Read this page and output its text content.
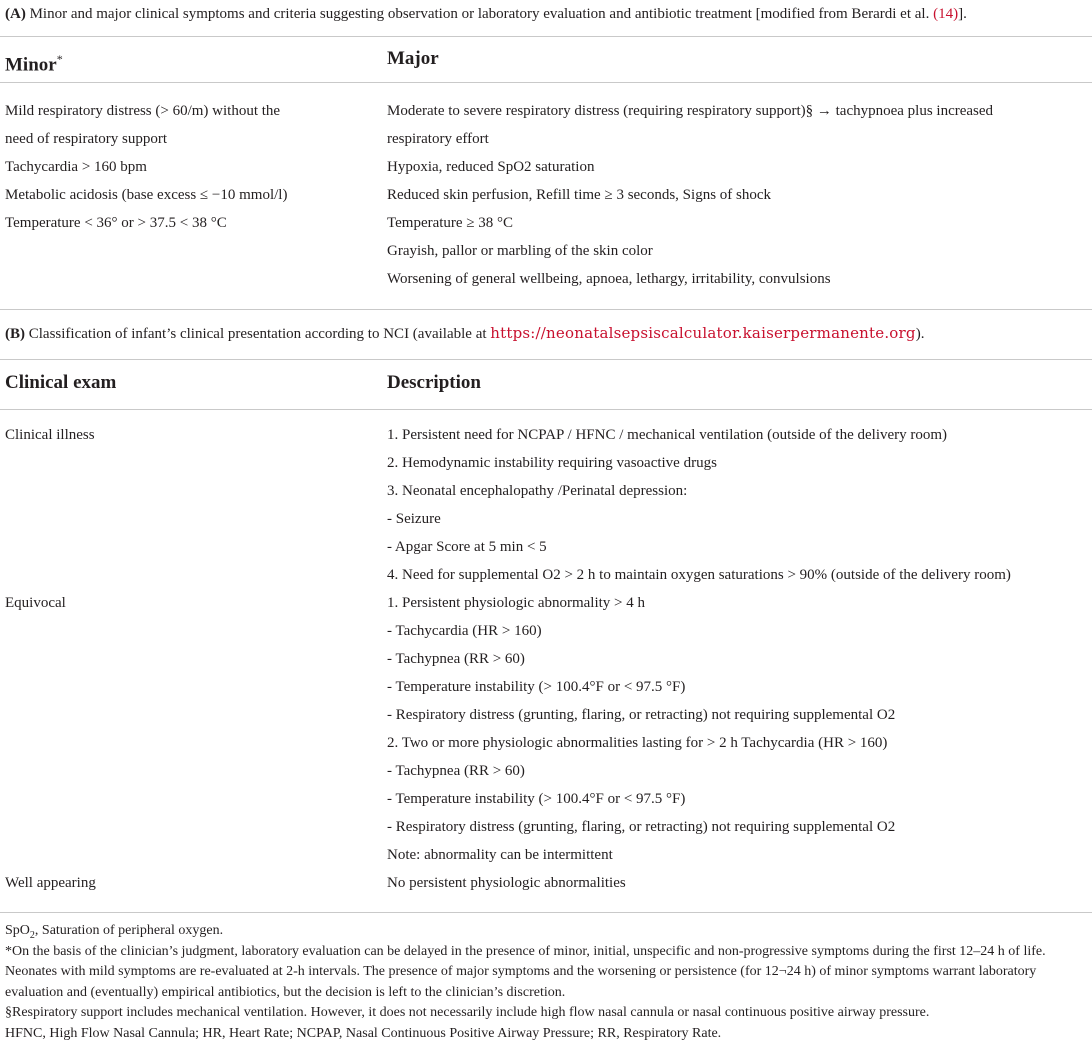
(A) Minor and major clinical symptoms and criteria suggesting observation or laboratory evaluation and antibiotic treatment [modified from Berardi et al. (14)].
Minor*	Major
Mild respiratory distress (> 60/m) without the
need of respiratory support
Tachycardia > 160 bpm
Metabolic acidosis (base excess ≤ −10 mmol/l)
Temperature < 36° or > 37.5 < 38 °C
Moderate to severe respiratory distress (requiring respiratory support)§ → tachypnoea plus increased
respiratory effort
Hypoxia, reduced SpO2 saturation
Reduced skin perfusion, Refill time ≥ 3 seconds, Signs of shock
Temperature ≥ 38 °C
Grayish, pallor or marbling of the skin color
Worsening of general wellbeing, apnoea, lethargy, irritability, convulsions
(B) Classification of infant’s clinical presentation according to NCI (available at https://neonatalsepsiscalculator.kaiserpermanente.org).
Clinical exam	Description
Clinical illness

Equivocal

Well appearing
1. Persistent need for NCPAP / HFNC / mechanical ventilation (outside of the delivery room)
2. Hemodynamic instability requiring vasoactive drugs
3. Neonatal encephalopathy /Perinatal depression:
- Seizure
- Apgar Score at 5 min < 5
4. Need for supplemental O2 > 2 h to maintain oxygen saturations > 90% (outside of the delivery room)
1. Persistent physiologic abnormality > 4 h
- Tachycardia (HR > 160)
- Tachypnea (RR > 60)
- Temperature instability (> 100.4°F or < 97.5 °F)
- Respiratory distress (grunting, flaring, or retracting) not requiring supplemental O2
2. Two or more physiologic abnormalities lasting for > 2 h Tachycardia (HR > 160)
- Tachypnea (RR > 60)
- Temperature instability (> 100.4°F or < 97.5 °F)
- Respiratory distress (grunting, flaring, or retracting) not requiring supplemental O2
Note: abnormality can be intermittent
No persistent physiologic abnormalities
SpO$_2$, Saturation of peripheral oxygen.
*On the basis of the clinician’s judgment, laboratory evaluation can be delayed in the presence of minor, initial, unspecific and non-progressive symptoms during the first 12–24 h of life.
Neonates with mild symptoms are re-evaluated at 2-h intervals. The presence of major symptoms and the worsening or persistence (for 12¬24 h) of minor symptoms warrant laboratory
evaluation and (eventually) empirical antibiotics, but the decision is left to the clinician’s discretion.
§Respiratory support includes mechanical ventilation. However, it does not necessarily include high flow nasal cannula or nasal continuous positive airway pressure.
HFNC, High Flow Nasal Cannula; HR, Heart Rate; NCPAP, Nasal Continuous Positive Airway Pressure; RR, Respiratory Rate.
